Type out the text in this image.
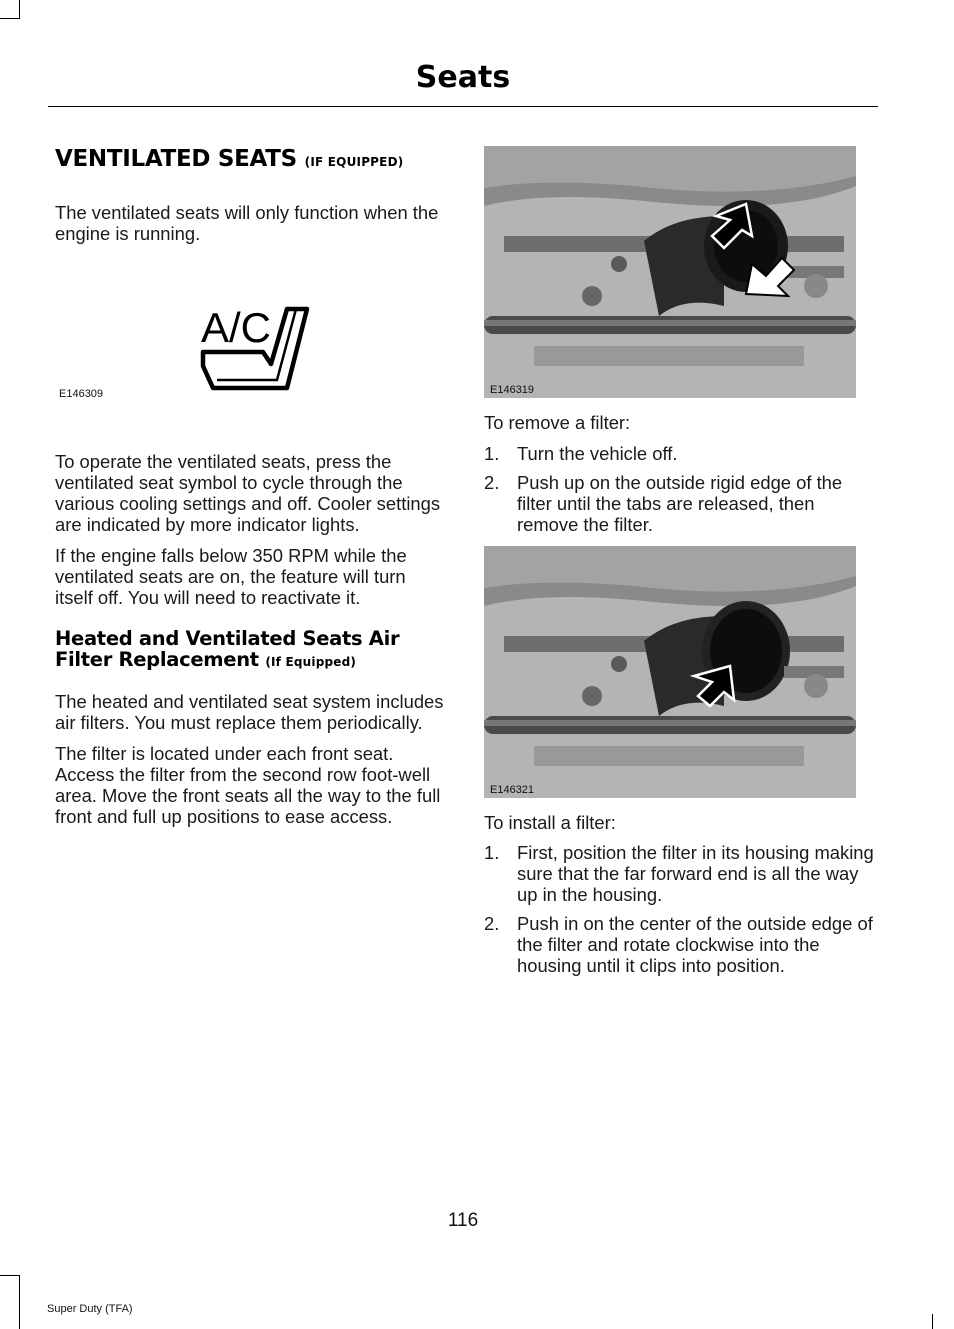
Seats
VENTILATED SEATS (IF EQUIPPED)

The ventilated seats will only function when the engine is running.

A/C
E146309

To operate the ventilated seats, press the ventilated seat symbol to cycle through the various cooling settings and off. Cooler settings are indicated by more indicator lights.

If the engine falls below 350 RPM while the ventilated seats are on, the feature will turn itself off. You will need to reactivate it.

Heated and Ventilated Seats Air Filter Replacement (If Equipped)

The heated and ventilated seat system includes air filters. You must replace them periodically.

The filter is located under each front seat. Access the filter from the second row foot-well area. Move the front seats all the way to the full front and full up positions to ease access.

E146319

To remove a filter:

1. Turn the vehicle off.
2. Push up on the outside rigid edge of the filter until the tabs are released, then remove the filter.
E146321

To install a filter:

1. First, position the filter in its housing making sure that the far forward end is all the way up in the housing.
2. Push in on the center of the outside edge of the filter and rotate clockwise into the housing until it clips into position.
116
Super Duty (TFA)
